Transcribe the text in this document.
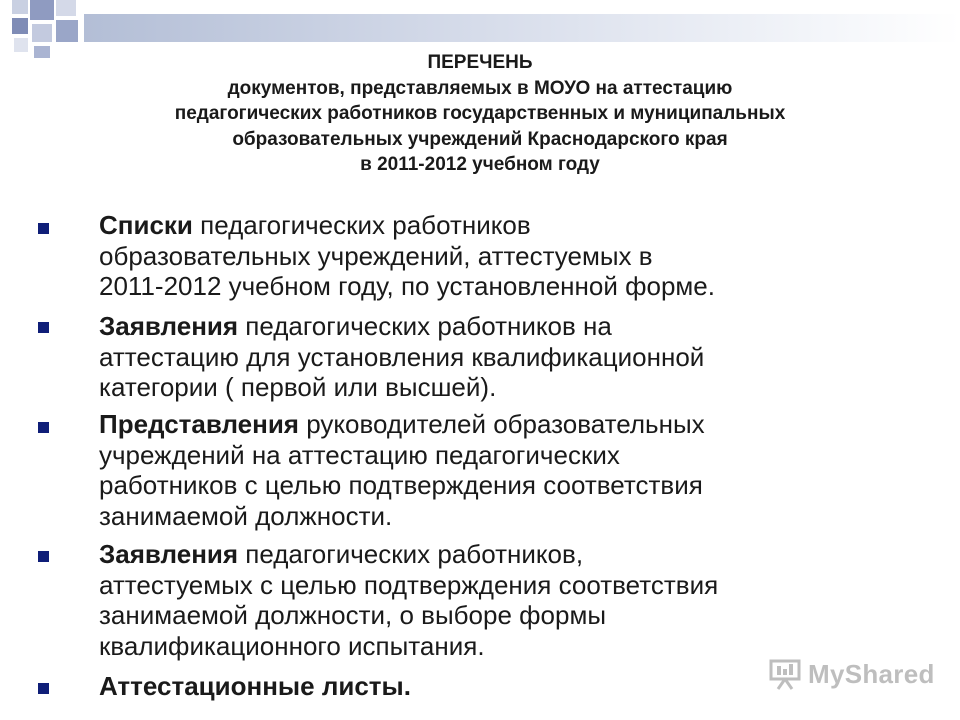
ПЕРЕЧЕНЬ
документов, представляемых в МОУО на аттестацию
педагогических работников государственных и муниципальных
образовательных учреждений Краснодарского края
в 2011-2012 учебном году
Списки педагогических работников
образовательных учреждений, аттестуемых в
2011-2012 учебном году, по установленной форме.
Заявления педагогических работников на
аттестацию для установления квалификационной
категории ( первой или высшей).
Представления руководителей образовательных
учреждений на аттестацию педагогических
работников с целью подтверждения соответствия
занимаемой должности.
Заявления педагогических работников,
аттестуемых с целью подтверждения соответствия
занимаемой должности, о выборе формы
квалификационного испытания.
Аттестационные листы.	MyShared
